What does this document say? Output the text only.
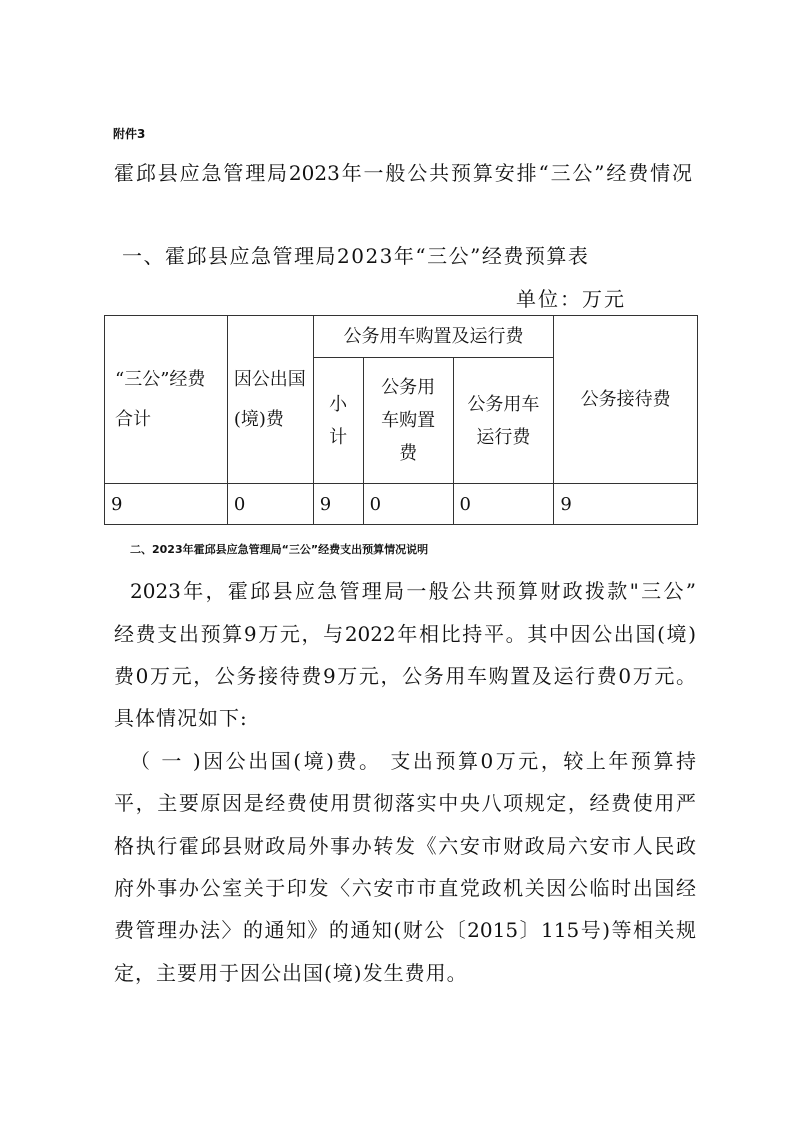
附件3
霍邱县应急管理局2023年一般公共预算安排“三公”经费情况
一、霍邱县应急管理局2023年“三公”经费预算表
单位：万元
“三公”经费合计	因公出国(境)费	公务用车购置及运行费			公务接待费
		小计	公务用车购置费	公务用车运行费	
9	0	9	0	0	9
二、2023年霍邱县应急管理局“三公”经费支出预算情况说明
2023年，霍邱县应急管理局一般公共预算财政拨款"三公”
经费支出预算9万元，与2022年相比持平。其中因公出国(境)
费0万元，公务接待费9万元，公务用车购置及运行费0万元。
具体情况如下:
（ 一 )因公出国(境)费。 支出预算0万元，较上年预算持
平，主要原因是经费使用贯彻落实中央八项规定，经费使用严
格执行霍邱县财政局外事办转发《六安市财政局六安市人民政
府外事办公室关于印发〈六安市市直党政机关因公临时出国经
费管理办法〉的通知》的通知(财公〔2015〕115号)等相关规
定，主要用于因公出国(境)发生费用。
